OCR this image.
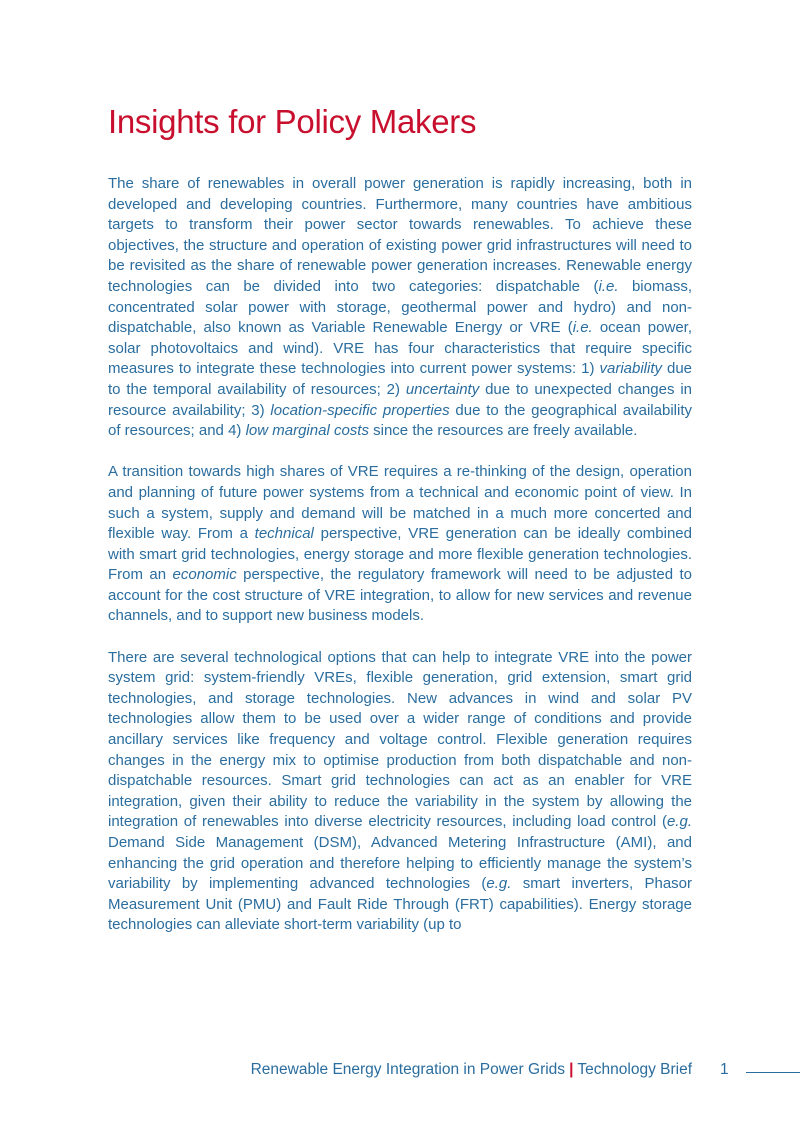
Insights for Policy Makers

The share of renewables in overall power generation is rapidly increasing, both in developed and developing countries. Furthermore, many countries have ambitious targets to transform their power sector towards renewables. To achieve these objectives, the structure and operation of existing power grid infrastructures will need to be revisited as the share of renewable power generation increases. Renewable energy technologies can be divided into two categories: dispatchable (i.e. biomass, concentrated solar power with storage, geothermal power and hydro) and non-dispatchable, also known as Variable Renewable Energy or VRE (i.e. ocean power, solar photovoltaics and wind). VRE has four characteristics that require specific measures to integrate these technologies into current power systems: 1) variability due to the temporal availability of resources; 2) uncertainty due to unexpected changes in resource availability; 3) location-specific properties due to the geographical availability of resources; and 4) low marginal costs since the resources are freely available.

A transition towards high shares of VRE requires a re-thinking of the design, operation and planning of future power systems from a technical and economic point of view. In such a system, supply and demand will be matched in a much more concerted and flexible way. From a technical perspective, VRE generation can be ideally combined with smart grid technologies, energy storage and more flexible generation technologies. From an economic perspective, the regulatory framework will need to be adjusted to account for the cost structure of VRE integration, to allow for new services and revenue channels, and to support new business models.

There are several technological options that can help to integrate VRE into the power system grid: system-friendly VREs, flexible generation, grid extension, smart grid technologies, and storage technologies. New advances in wind and solar PV technologies allow them to be used over a wider range of conditions and provide ancillary services like frequency and voltage control. Flexible generation requires changes in the energy mix to optimise production from both dispatchable and non-dispatchable resources. Smart grid technologies can act as an enabler for VRE integration, given their ability to reduce the variability in the system by allowing the integration of renewables into diverse electricity resources, including load control (e.g. Demand Side Management (DSM), Advanced Metering Infrastructure (AMI), and enhancing the grid operation and therefore helping to efficiently manage the system’s variability by implementing advanced technologies (e.g. smart inverters, Phasor Measurement Unit (PMU) and Fault Ride Through (FRT) capabilities). Energy storage technologies can alleviate short-term variability (up to

Renewable Energy Integration in Power Grids | Technology Brief 1
